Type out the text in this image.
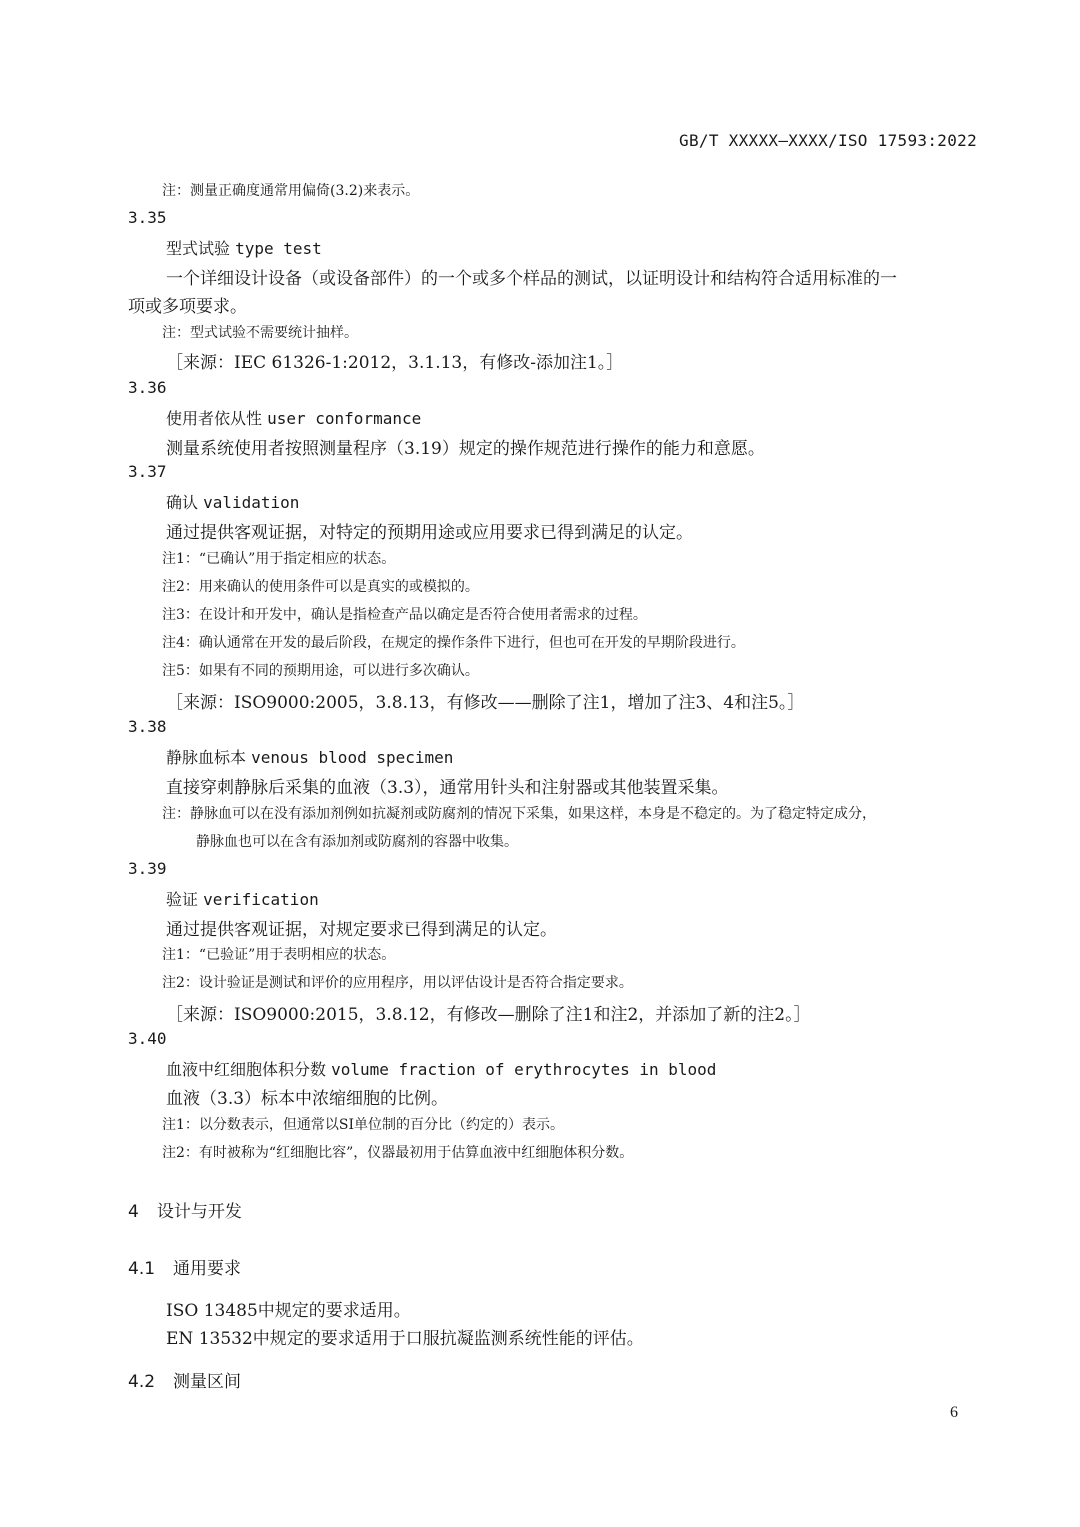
GB/T XXXXX—XXXX/ISO 17593:2022
注：测量正确度通常用偏倚(3.2)来表示。
3.35
型式试验 type test
一个详细设计设备（或设备部件）的一个或多个样品的测试，以证明设计和结构符合适用标准的一
项或多项要求。
注：型式试验不需要统计抽样。
［来源：IEC 61326-1:2012，3.1.13，有修改-添加注1。］
3.36
使用者依从性 user conformance
测量系统使用者按照测量程序（3.19）规定的操作规范进行操作的能力和意愿。
3.37
确认 validation
通过提供客观证据，对特定的预期用途或应用要求已得到满足的认定。
注1：“已确认”用于指定相应的状态。
注2：用来确认的使用条件可以是真实的或模拟的。
注3：在设计和开发中，确认是指检查产品以确定是否符合使用者需求的过程。
注4：确认通常在开发的最后阶段，在规定的操作条件下进行，但也可在开发的早期阶段进行。
注5：如果有不同的预期用途，可以进行多次确认。
［来源：ISO9000:2005，3.8.13，有修改——删除了注1，增加了注3、4和注5。］
3.38
静脉血标本 venous blood specimen
直接穿刺静脉后采集的血液（3.3），通常用针头和注射器或其他装置采集。
注：静脉血可以在没有添加剂例如抗凝剂或防腐剂的情况下采集，如果这样，本身是不稳定的。为了稳定特定成分，
静脉血也可以在含有添加剂或防腐剂的容器中收集。
3.39
验证 verification
通过提供客观证据，对规定要求已得到满足的认定。
注1：“已验证”用于表明相应的状态。
注2：设计验证是测试和评价的应用程序，用以评估设计是否符合指定要求。
［来源：ISO9000:2015，3.8.12，有修改—删除了注1和注2，并添加了新的注2。］
3.40
血液中红细胞体积分数 volume fraction of erythrocytes in blood
血液（3.3）标本中浓缩细胞的比例。
注1：以分数表示，但通常以SI单位制的百分比（约定的）表示。
注2：有时被称为“红细胞比容”，仪器最初用于估算血液中红细胞体积分数。
4 设计与开发
4.1 通用要求
ISO 13485中规定的要求适用。
EN 13532中规定的要求适用于口服抗凝监测系统性能的评估。
4.2 测量区间
6
